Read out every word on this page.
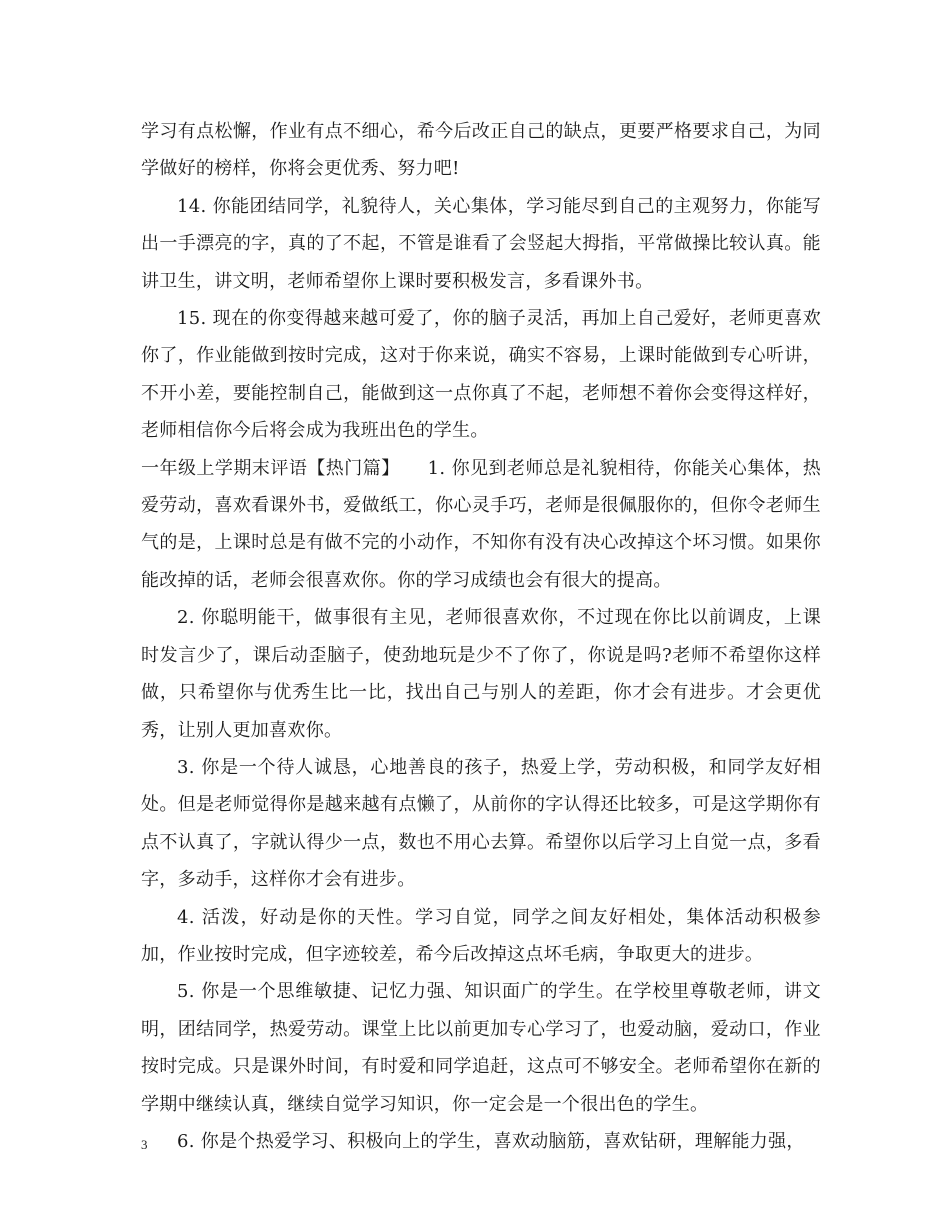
学习有点松懈，作业有点不细心，希今后改正自己的缺点，更要严格要求自己，为同学做好的榜样，你将会更优秀、努力吧!

14. 你能团结同学，礼貌待人，关心集体，学习能尽到自己的主观努力，你能写出一手漂亮的字，真的了不起，不管是谁看了会竖起大拇指，平常做操比较认真。能讲卫生，讲文明，老师希望你上课时要积极发言，多看课外书。

15. 现在的你变得越来越可爱了，你的脑子灵活，再加上自己爱好，老师更喜欢你了，作业能做到按时完成，这对于你来说，确实不容易，上课时能做到专心听讲，不开小差，要能控制自己，能做到这一点你真了不起，老师想不着你会变得这样好，老师相信你今后将会成为我班出色的学生。

一年级上学期末评语【热门篇】　　1. 你见到老师总是礼貌相待，你能关心集体，热爱劳动，喜欢看课外书，爱做纸工，你心灵手巧，老师是很佩服你的，但你令老师生气的是，上课时总是有做不完的小动作，不知你有没有决心改掉这个坏习惯。如果你能改掉的话，老师会很喜欢你。你的学习成绩也会有很大的提高。

2. 你聪明能干，做事很有主见，老师很喜欢你，不过现在你比以前调皮，上课时发言少了，课后动歪脑子，使劲地玩是少不了你了，你说是吗?老师不希望你这样做，只希望你与优秀生比一比，找出自己与别人的差距，你才会有进步。才会更优秀，让别人更加喜欢你。

3. 你是一个待人诚恳，心地善良的孩子，热爱上学，劳动积极，和同学友好相处。但是老师觉得你是越来越有点懒了，从前你的字认得还比较多，可是这学期你有点不认真了，字就认得少一点，数也不用心去算。希望你以后学习上自觉一点，多看字，多动手，这样你才会有进步。

4. 活泼，好动是你的天性。学习自觉，同学之间友好相处，集体活动积极参加，作业按时完成，但字迹较差，希今后改掉这点坏毛病，争取更大的进步。

5. 你是一个思维敏捷、记忆力强、知识面广的学生。在学校里尊敬老师，讲文明，团结同学，热爱劳动。课堂上比以前更加专心学习了，也爱动脑，爱动口，作业按时完成。只是课外时间，有时爱和同学追赶，这点可不够安全。老师希望你在新的学期中继续认真，继续自觉学习知识，你一定会是一个很出色的学生。

6. 你是个热爱学习、积极向上的学生，喜欢动脑筋，喜欢钻研，理解能力强，

3
